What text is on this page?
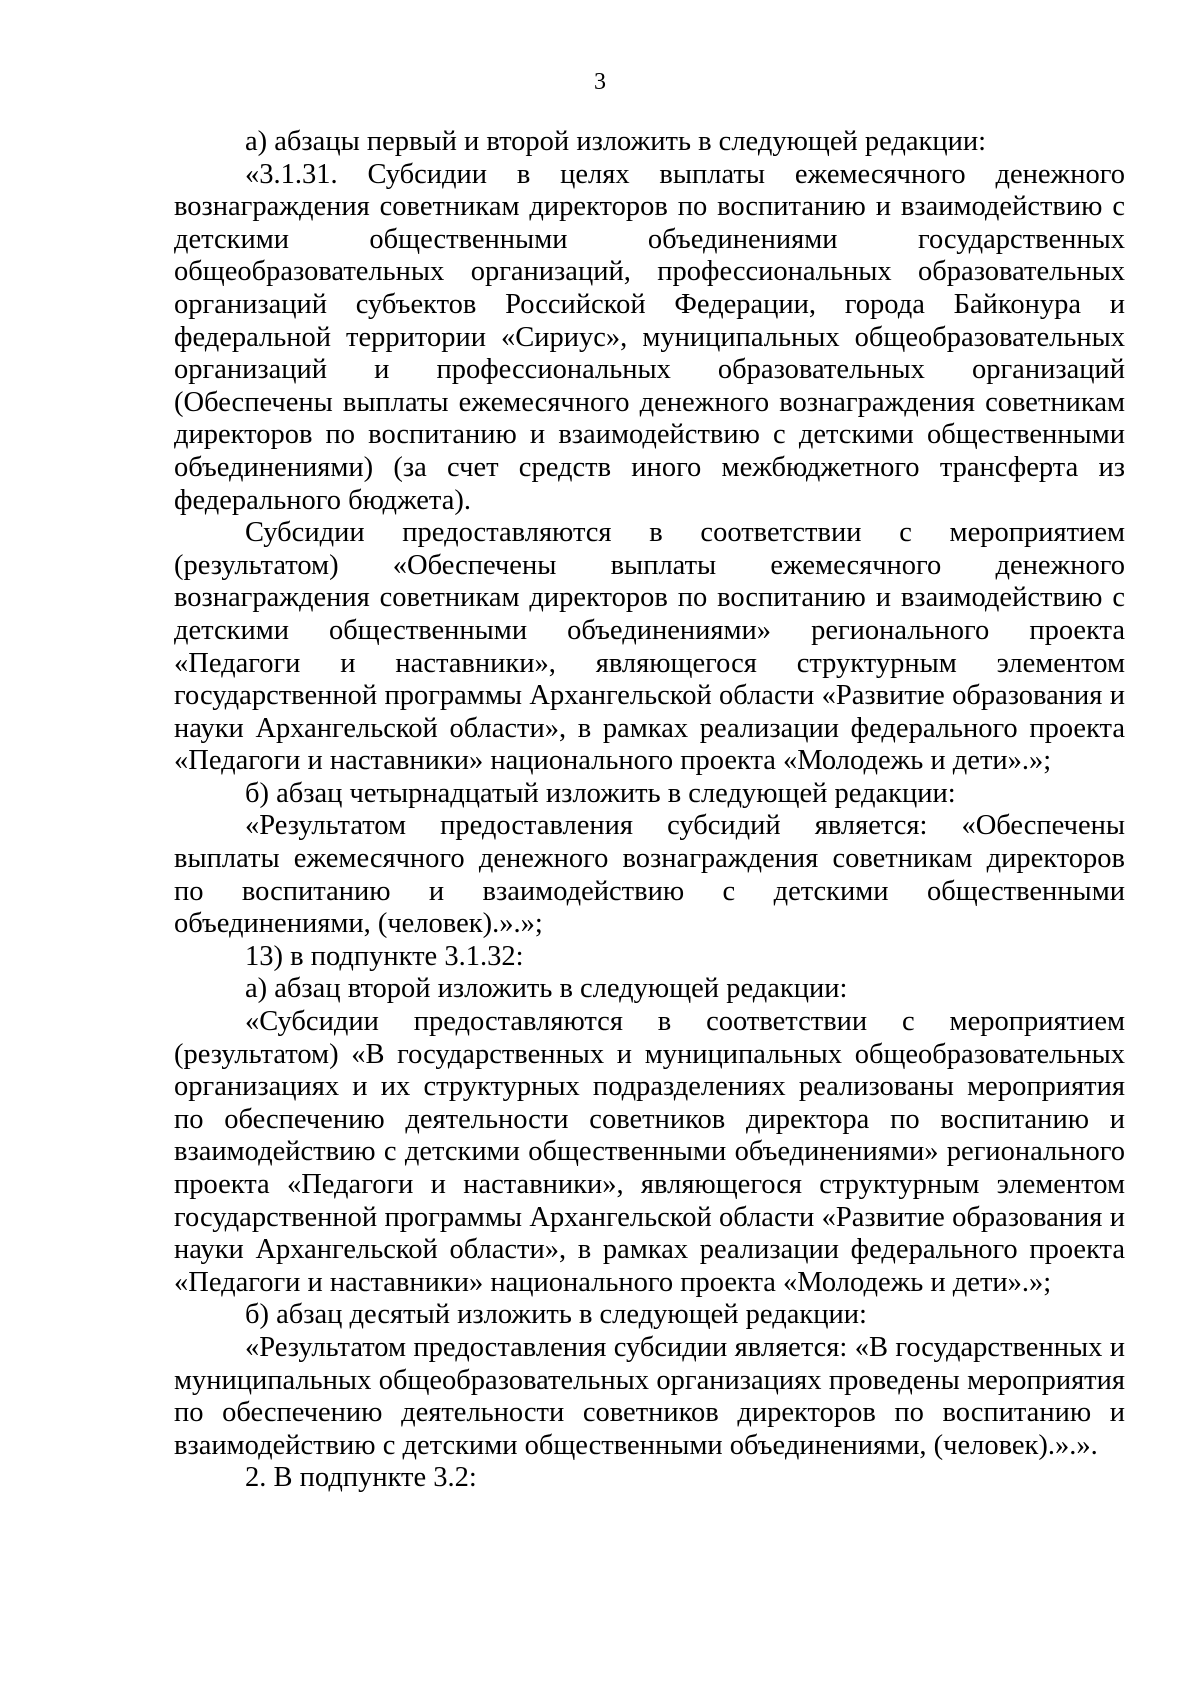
3

а) абзацы первый и второй изложить в следующей редакции:

«3.1.31. Субсидии в целях выплаты ежемесячного денежного вознаграждения советникам директоров по воспитанию и взаимодействию с детскими общественными объединениями государственных общеобразовательных организаций, профессиональных образовательных организаций субъектов Российской Федерации, города Байконура и федеральной территории «Сириус», муниципальных общеобразовательных организаций и профессиональных образовательных организаций (Обеспечены выплаты ежемесячного денежного вознаграждения советникам директоров по воспитанию и взаимодействию с детскими общественными объединениями) (за счет средств иного межбюджетного трансферта из федерального бюджета).

Субсидии предоставляются в соответствии с мероприятием (результатом) «Обеспечены выплаты ежемесячного денежного вознаграждения советникам директоров по воспитанию и взаимодействию с детскими общественными объединениями» регионального проекта «Педагоги и наставники», являющегося структурным элементом государственной программы Архангельской области «Развитие образования и науки Архангельской области», в рамках реализации федерального проекта «Педагоги и наставники» национального проекта «Молодежь и дети».»;

б) абзац четырнадцатый изложить в следующей редакции:

«Результатом предоставления субсидий является: «Обеспечены выплаты ежемесячного денежного вознаграждения советникам директоров по воспитанию и взаимодействию с детскими общественными объединениями, (человек).».»;

13) в подпункте 3.1.32:

а) абзац второй изложить в следующей редакции:

«Субсидии предоставляются в соответствии с мероприятием (результатом) «В государственных и муниципальных общеобразовательных организациях и их структурных подразделениях реализованы мероприятия по обеспечению деятельности советников директора по воспитанию и взаимодействию с детскими общественными объединениями» регионального проекта «Педагоги и наставники», являющегося структурным элементом государственной программы Архангельской области «Развитие образования и науки Архангельской области», в рамках реализации федерального проекта «Педагоги и наставники» национального проекта «Молодежь и дети».»;

б) абзац десятый изложить в следующей редакции:

«Результатом предоставления субсидии является: «В государственных и муниципальных общеобразовательных организациях проведены мероприятия по обеспечению деятельности советников директоров по воспитанию и взаимодействию с детскими общественными объединениями, (человек).».».

2. В подпункте 3.2:
